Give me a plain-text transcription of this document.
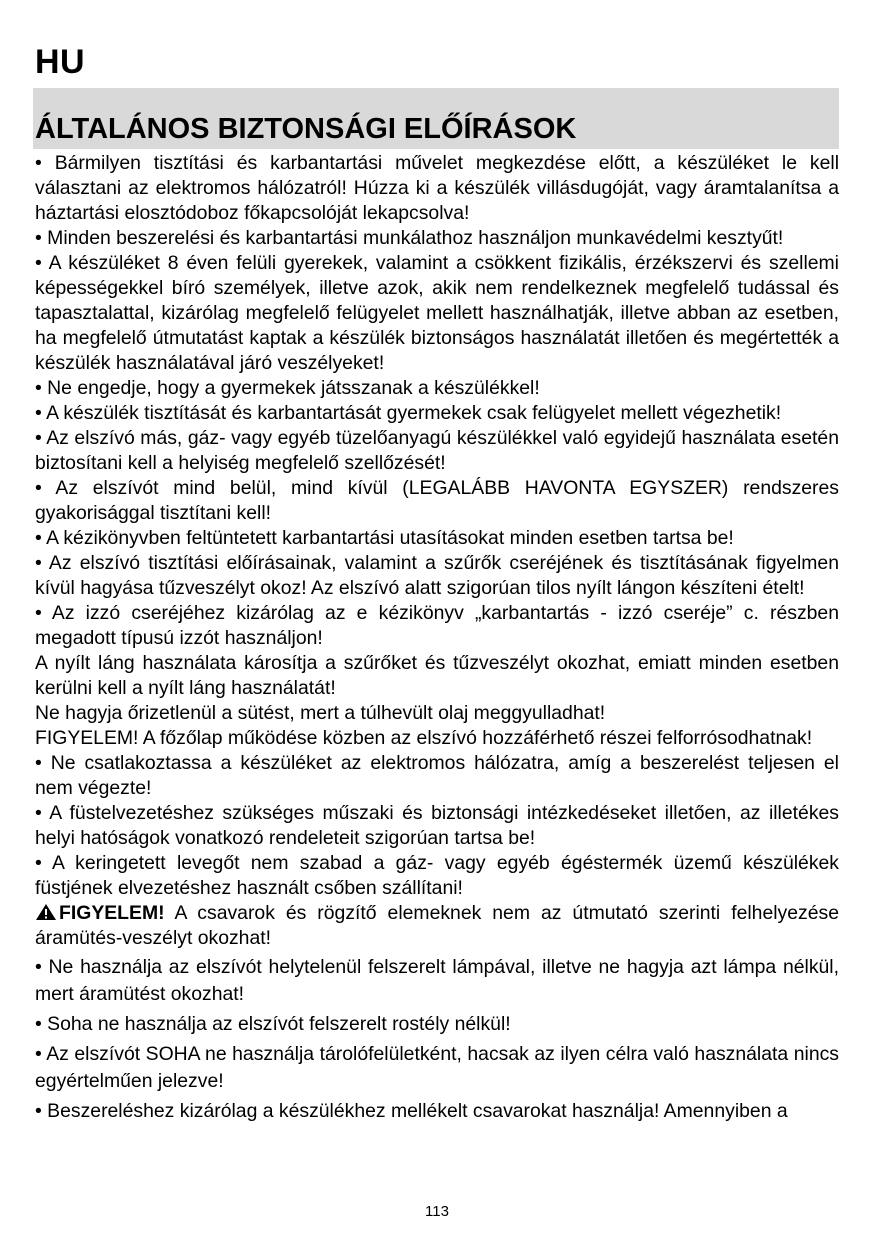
HU
ÁLTALÁNOS BIZTONSÁGI ELŐÍRÁSOK

• Bármilyen tisztítási és karbantartási művelet megkezdése előtt, a készüléket le kell választani az elektromos hálózatról! Húzza ki a készülék villásdugóját, vagy áramtalanítsa a háztartási elosztódoboz főkapcsolóját lekapcsolva!

• Minden beszerelési és karbantartási munkálathoz használjon munkavédelmi kesztyűt!

• A készüléket 8 éven felüli gyerekek, valamint a csökkent fizikális, érzékszervi és szellemi képességekkel bíró személyek, illetve azok, akik nem rendelkeznek megfelelő tudással és tapasztalattal, kizárólag megfelelő felügyelet mellett használhatják, illetve abban az esetben, ha megfelelő útmutatást kaptak a készülék biztonságos használatát illetően és megértették a készülék használatával járó veszélyeket!

• Ne engedje, hogy a gyermekek játsszanak a készülékkel!

• A készülék tisztítását és karbantartását gyermekek csak felügyelet mellett végezhetik!

• Az elszívó más, gáz- vagy egyéb tüzelőanyagú készülékkel való egyidejű használata esetén biztosítani kell a helyiség megfelelő szellőzését!

• Az elszívót mind belül, mind kívül (LEGALÁBB HAVONTA EGYSZER) rendszeres gyakorisággal tisztítani kell!

• A kézikönyvben feltüntetett karbantartási utasításokat minden esetben tartsa be!

• Az elszívó tisztítási előírásainak, valamint a szűrők cseréjének és tisztításának figyelmen kívül hagyása tűzveszélyt okoz! Az elszívó alatt szigorúan tilos nyílt lángon készíteni ételt!

• Az izzó cseréjéhez kizárólag az e kézikönyv „karbantartás - izzó cseréje” c. részben megadott típusú izzót használjon!

A nyílt láng használata károsítja a szűrőket és tűzveszélyt okozhat, emiatt minden esetben kerülni kell a nyílt láng használatát!

Ne hagyja őrizetlenül a sütést, mert a túlhevült olaj meggyulladhat!

FIGYELEM! A főzőlap működése közben az elszívó hozzáférhető részei felforrósodhatnak!

• Ne csatlakoztassa a készüléket az elektromos hálózatra, amíg a beszerelést teljesen el nem végezte!

• A füstelvezetéshez szükséges műszaki és biztonsági intézkedéseket illetően, az illetékes helyi hatóságok vonatkozó rendeleteit szigorúan tartsa be!

• A keringetett levegőt nem szabad a gáz- vagy egyéb égéstermék üzemű készülékek füstjének elvezetéshez használt csőben szállítani!

FIGYELEM! A csavarok és rögzítő elemeknek nem az útmutató szerinti felhelyezése áramütés-veszélyt okozhat!

• Ne használja az elszívót helytelenül felszerelt lámpával, illetve ne hagyja azt lámpa nélkül, mert áramütést okozhat!

• Soha ne használja az elszívót felszerelt rostély nélkül!

• Az elszívót SOHA ne használja tárolófelületként, hacsak az ilyen célra való használata nincs egyértelműen jelezve!

• Beszereléshez kizárólag a készülékhez mellékelt csavarokat használja! Amennyiben a

113
